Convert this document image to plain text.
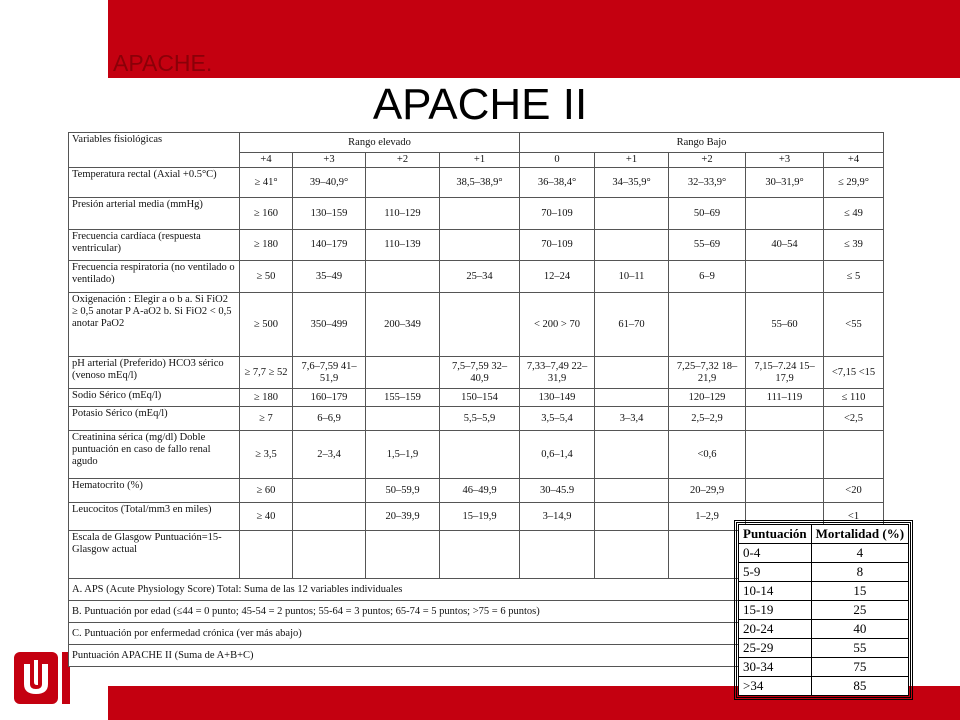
APACHE.
APACHE II
Variables fisiológicas	Rango elevado				Rango Bajo				
	+4	+3	+2	+1	0	+1	+2	+3	+4
Temperatura rectal (Axial +0.5°C)	≥ 41°	39–40,9°		38,5–38,9°	36–38,4°	34–35,9°	32–33,9°	30–31,9°	≤ 29,9°
Presión arterial media (mmHg)	≥ 160	130–159	110–129		70–109		50–69		≤ 49
Frecuencia cardíaca (respuesta ventricular)	≥ 180	140–179	110–139		70–109		55–69	40–54	≤ 39
Frecuencia respiratoria (no ventilado o ventilado)	≥ 50	35–49		25–34	12–24	10–11	6–9		≤ 5
Oxigenación : Elegir a o b a. Si FiO2 ≥ 0,5 anotar P A-aO2 b. Si FiO2 < 0,5 anotar PaO2	≥ 500	350–499	200–349		< 200 > 70	61–70		55–60	<55
pH arterial (Preferido) HCO3 sérico (venoso mEq/l)	≥ 7,7 ≥ 52	7,6–7,59 41–51,9		7,5–7,59 32–40,9	7,33–7,49 22–31,9		7,25–7,32 18–21,9	7,15–7.24 15–17,9	<7,15 <15
Sodio Sérico (mEq/l)	≥ 180	160–179	155–159	150–154	130–149		120–129	111–119	≤ 110
Potasio Sérico (mEq/l)	≥ 7	6–6,9		5,5–5,9	3,5–5,4	3–3,4	2,5–2,9		<2,5
Creatinina sérica (mg/dl) Doble puntuación en caso de fallo renal agudo	≥ 3,5	2–3,4	1,5–1,9		0,6–1,4		<0,6		
Hematocrito (%)	≥ 60		50–59,9	46–49,9	30–45.9		20–29,9		<20
Leucocitos (Total/mm3 en miles)	≥ 40		20–39,9	15–19,9	3–14,9		1–2,9		<1
Escala de Glasgow Puntuación=15-Glasgow actual									
A. APS (Acute Physiology Score) Total: Suma de las 12 variables individuales									
B. Puntuación por edad (≤44 = 0 punto; 45-54 = 2 puntos; 55-64 = 3 puntos; 65-74 = 5 puntos; >75 = 6 puntos)									
C. Puntuación por enfermedad crónica (ver más abajo)									
Puntuación APACHE II (Suma de A+B+C)									
Puntuación	Mortalidad (%)
0-4	4
5-9	8
10-14	15
15-19	25
20-24	40
25-29	55
30-34	75
>34	85
